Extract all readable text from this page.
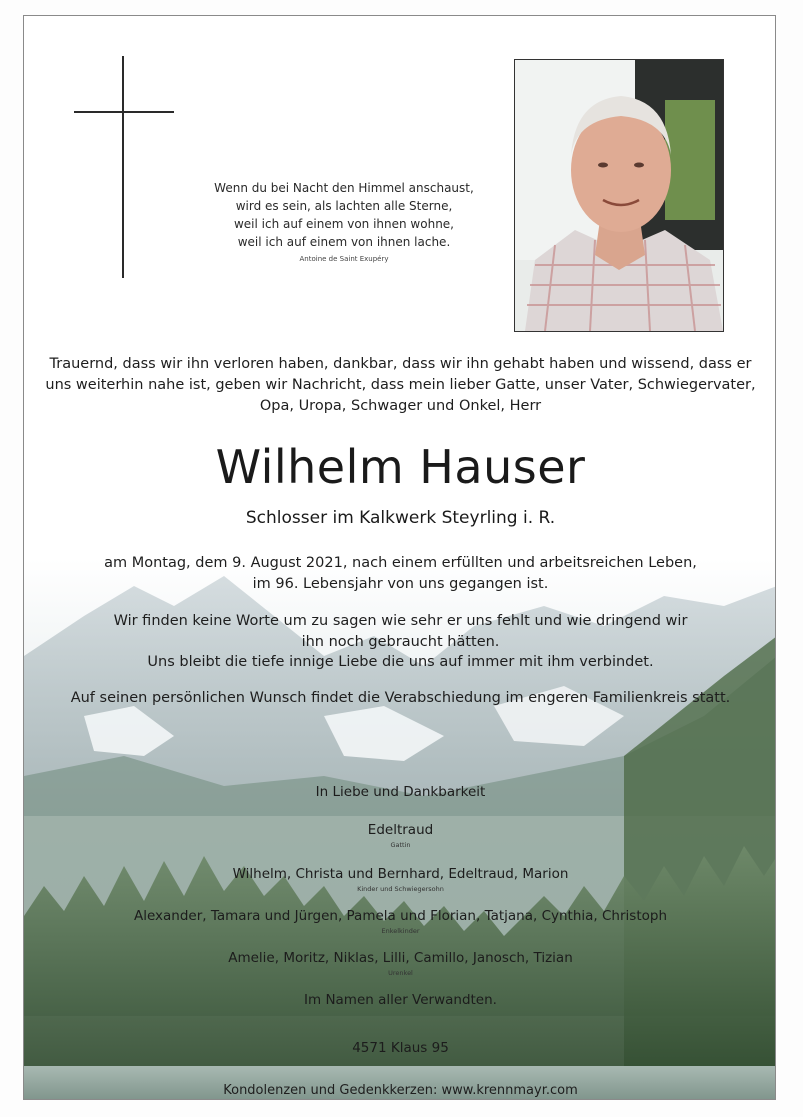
Wenn du bei Nacht den Himmel anschaust,
wird es sein, als lachten alle Sterne,
weil ich auf einem von ihnen wohne,
weil ich auf einem von ihnen lache.
Antoine de Saint Exupéry
Trauernd, dass wir ihn verloren haben, dankbar, dass wir ihn gehabt haben und wissend, dass er
uns weiterhin nahe ist, geben wir Nachricht, dass mein lieber Gatte, unser Vater, Schwiegervater,
Opa, Uropa, Schwager und Onkel, Herr
Wilhelm Hauser
Schlosser im Kalkwerk Steyrling i. R.
am Montag, dem 9. August 2021, nach einem erfüllten und arbeitsreichen Leben,
im 96. Lebensjahr von uns gegangen ist.
Wir finden keine Worte um zu sagen wie sehr er uns fehlt und wie dringend wir
ihn noch gebraucht hätten.
Uns bleibt die tiefe innige Liebe die uns auf immer mit ihm verbindet.
Auf seinen persönlichen Wunsch findet die Verabschiedung im engeren Familienkreis statt.
In Liebe und Dankbarkeit
Edeltraud
Gattin
Wilhelm, Christa und Bernhard, Edeltraud, Marion
Kinder und Schwiegersohn
Alexander, Tamara und Jürgen, Pamela und Florian, Tatjana, Cynthia, Christoph
Enkelkinder
Amelie, Moritz, Niklas, Lilli, Camillo, Janosch, Tizian
Urenkel
Im Namen aller Verwandten.
4571 Klaus 95
Kondolenzen und Gedenkkerzen: www.krennmayr.com
